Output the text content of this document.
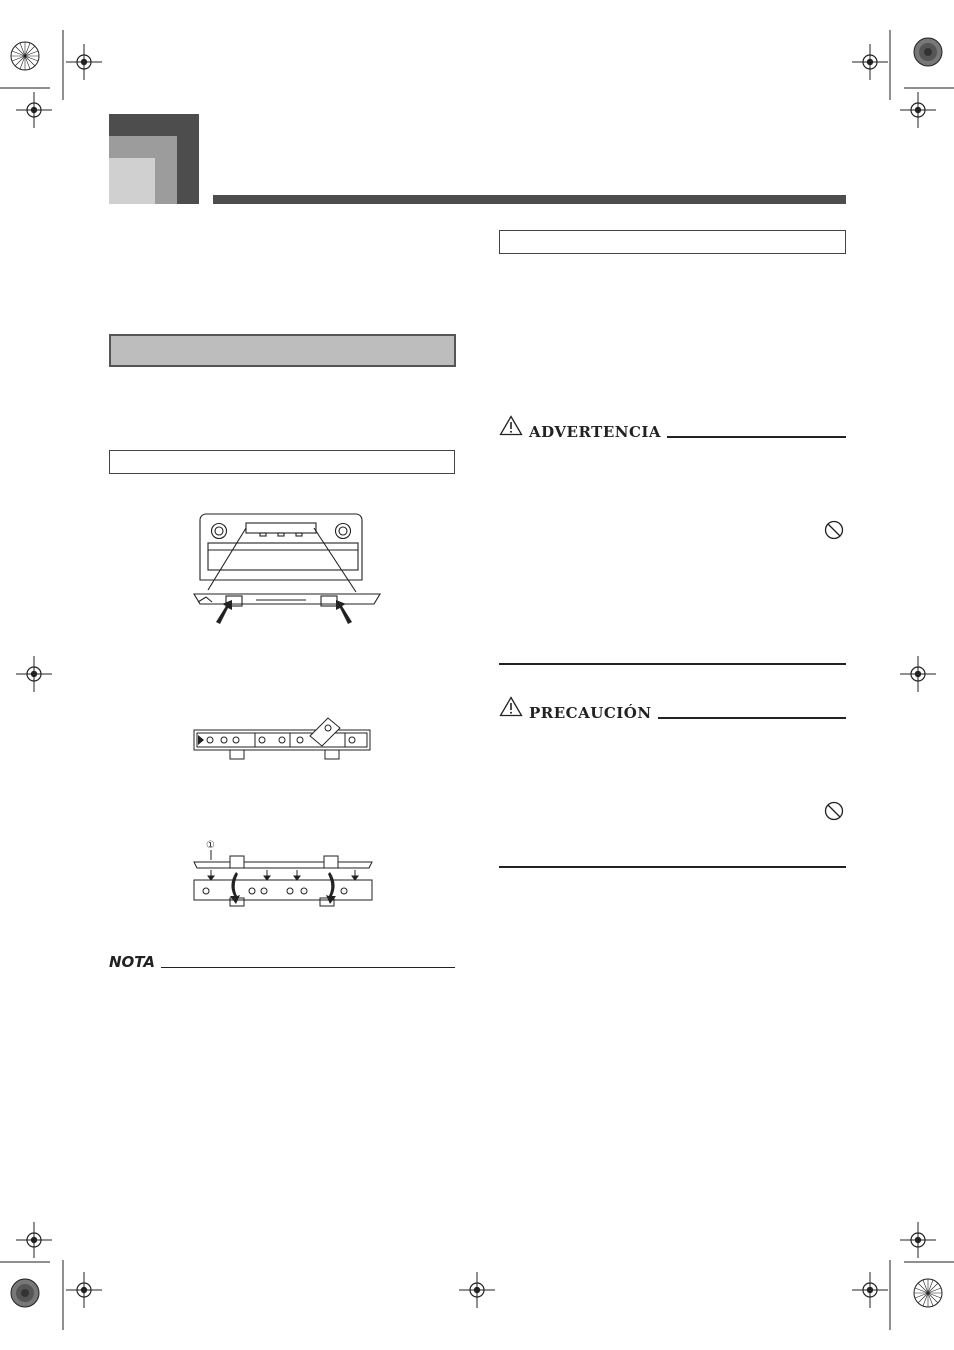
①
NOTA
ADVERTENCIA
PRECAUCIÓN
